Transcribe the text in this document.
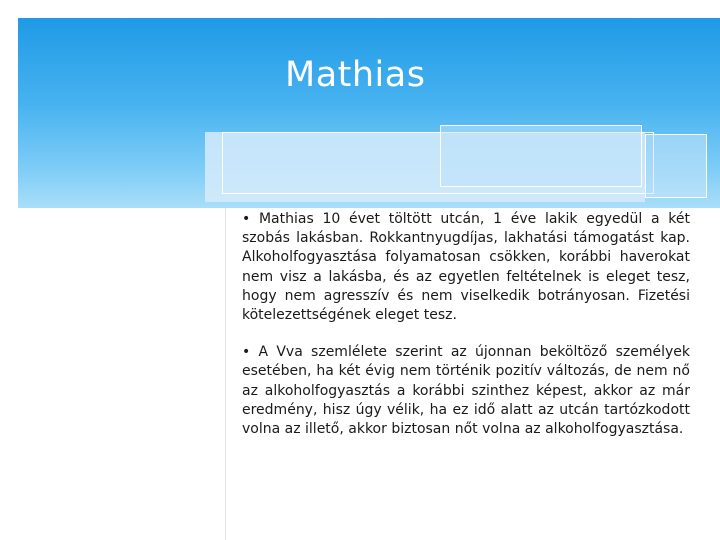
Mathias

• Mathias 10 évet töltött utcán, 1 éve lakik egyedül a két szobás lakásban. Rokkantnyugdíjas, lakhatási támogatást kap. Alkoholfogyasztása folyamatosan csökken, korábbi haverokat nem visz a lakásba, és az egyetlen feltételnek is eleget tesz, hogy nem agresszív és nem viselkedik botrányosan. Fizetési kötelezettségének eleget tesz.

• A Vva szemlélete szerint az újonnan beköltöző személyek esetében, ha két évig nem történik pozitív változás, de nem nő az alkoholfogyasztás a korábbi szinthez képest, akkor az már eredmény, hisz úgy vélik, ha ez idő alatt az utcán tartózkodott volna az illető, akkor biztosan nőt volna az alkoholfogyasztása.
